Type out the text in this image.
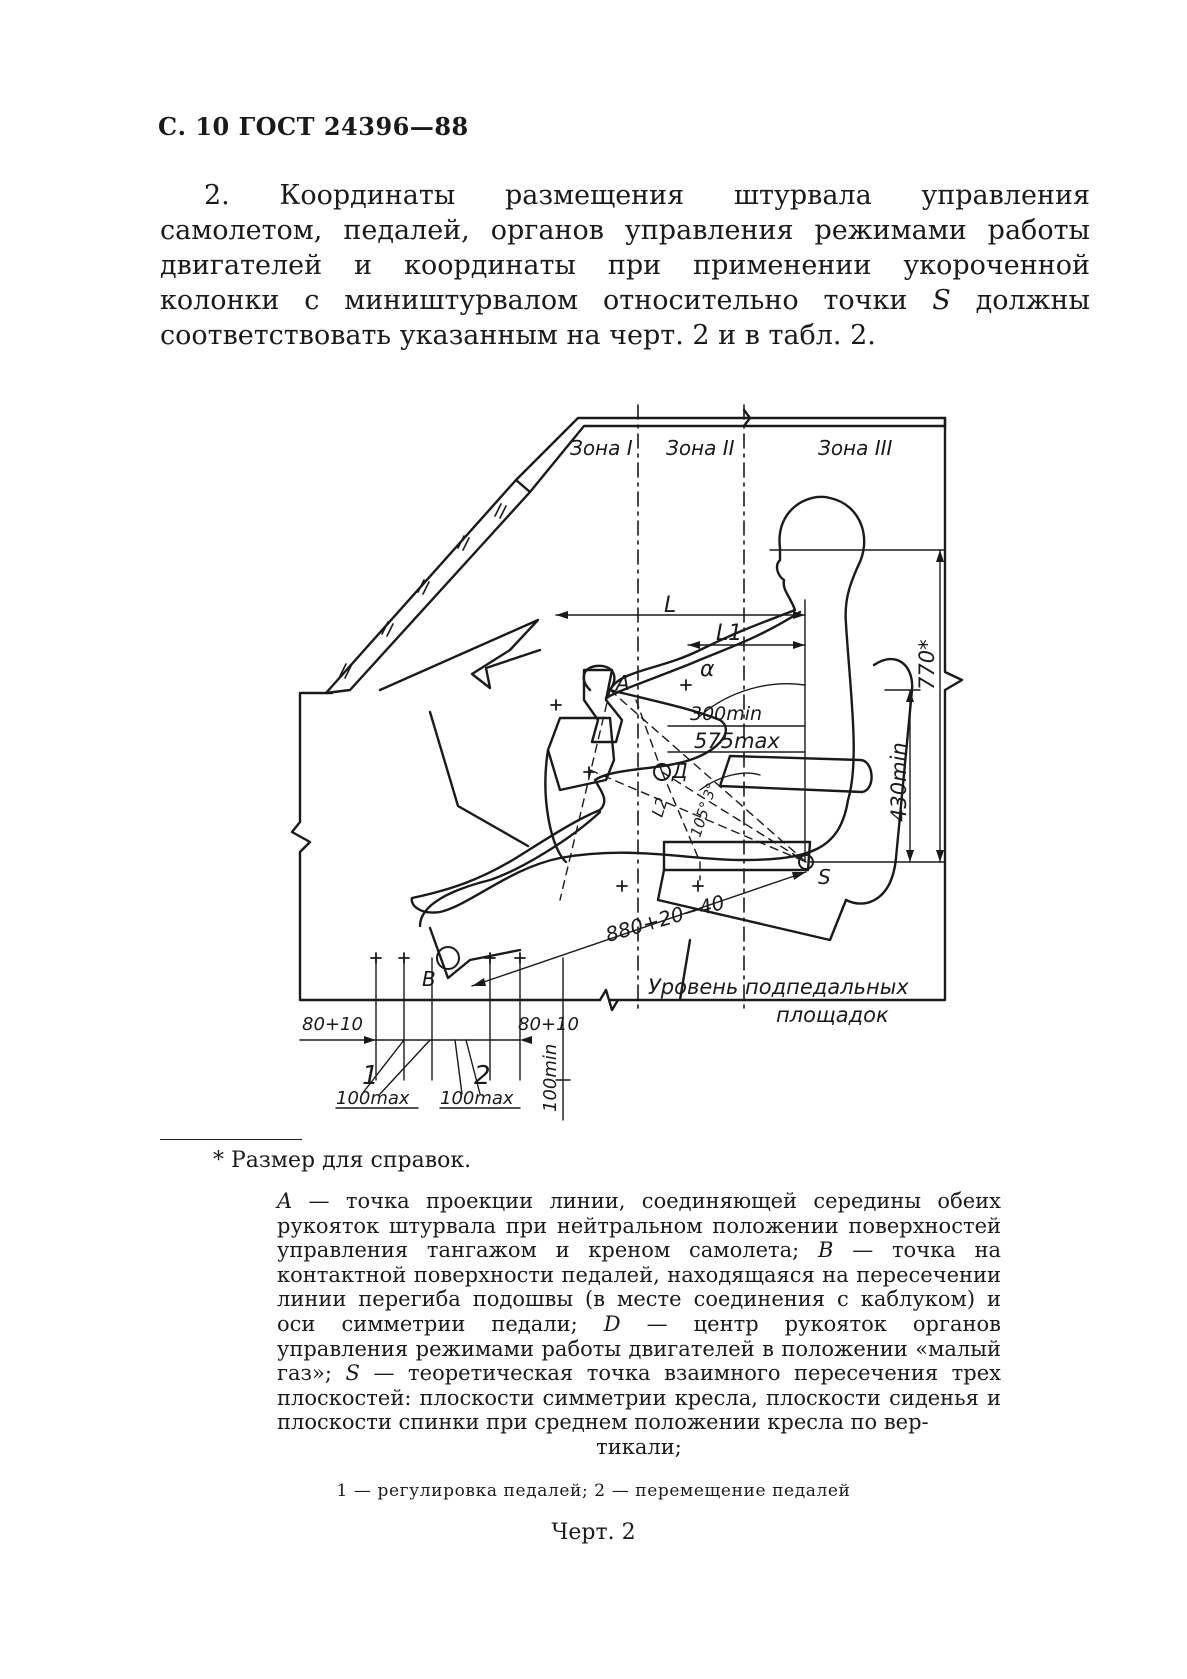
С. 10 ГОСТ 24396—88
2. Координаты размещения штурвала управления самолетом, педалей, органов управления режимами работы двигателей и координаты при применении укороченной колонки с миништурвалом относительно точки S должны соответствовать указанным на черт. 2 и в табл. 2.
Зона I Зона II	Зона III
L
L1
α
300min
575max
770*
430min
880+20−40
L2 105°
3°
80+10	80+10
100max 100max 100min
A
B
Д
S
1	2
Уровень подпедальных
площадок
* Размер для справок.
A — точка проекции линии, соединяющей середины обеих рукояток штурвала при нейтральном положении поверхностей управления тангажом и креном самолета; B — точка на контактной поверхности педалей, находящаяся на пересечении линии перегиба подошвы (в месте соединения с каблуком) и оси симметрии педали; D — центр рукояток органов управления режимами работы двигателей в положении «малый газ»; S — теоретическая точка взаимного пересечения трех плоскостей: плоскости симметрии кресла, плоскости сиденья и плоскости спинки при среднем положении кресла по вер-
тикали;
1 — регулировка педалей; 2 — перемещение педалей
Черт. 2
